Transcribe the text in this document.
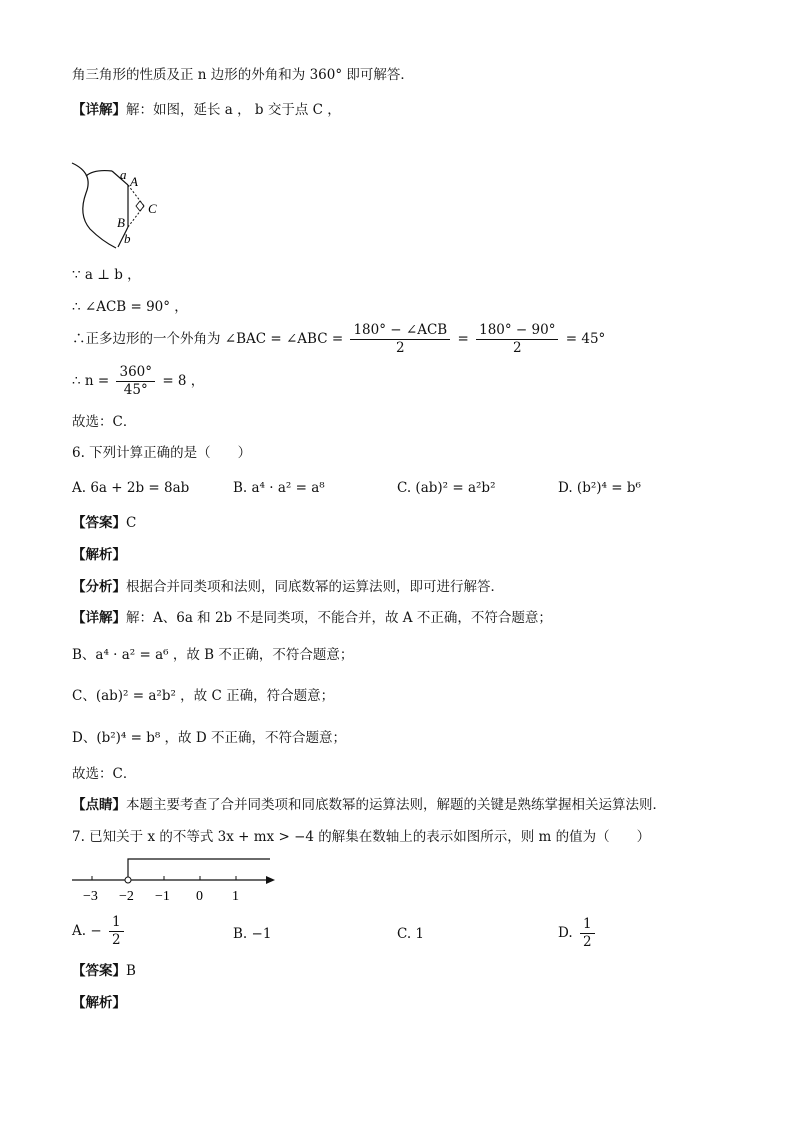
角三角形的性质及正 n 边形的外角和为 360° 即可解答．
【详解】解：如图，延长 a ， b 交于点 C ，
a A
C
B
b
∵ a ⊥ b ，
∴ ∠ACB = 90° ，
∴正多边形的一个外角为 ∠BAC = ∠ABC = $\frac{\text{180° − ∠ACB}}{2} = \frac{180^\circ - 90^\circ}{2} = 45^\circ$
∴ $n = \frac{360^\circ}{45^\circ} = 8$ ，
故选：C．
6. 下列计算正确的是（　　）
A. 6a + 2b = 8ab	B. a⁴ · a² = a⁸	C. (ab)² = a²b²	D. (b²)⁴ = b⁶
【答案】C
【解析】
【分析】根据合并同类项和法则，同底数幂的运算法则，即可进行解答．
【详解】解：A、6a 和 2b 不是同类项，不能合并，故 A 不正确，不符合题意；
B、a⁴ · a² = a⁶ ，故 B 不正确，不符合题意；
C、(ab)² = a²b² ，故 C 正确，符合题意；
D、(b²)⁴ = b⁸ ，故 D 不正确，不符合题意；
故选：C．
【点睛】本题主要考查了合并同类项和同底数幂的运算法则，解题的关键是熟练掌握相关运算法则．
7. 已知关于 x 的不等式 3x + mx > −4 的解集在数轴上的表示如图所示，则 m 的值为（　　）
−3 −2 −1 0 1
A. − $\frac{1}{2}$	B. −1	C. 1	D. $\frac{1}{2}$
【答案】B
【解析】
